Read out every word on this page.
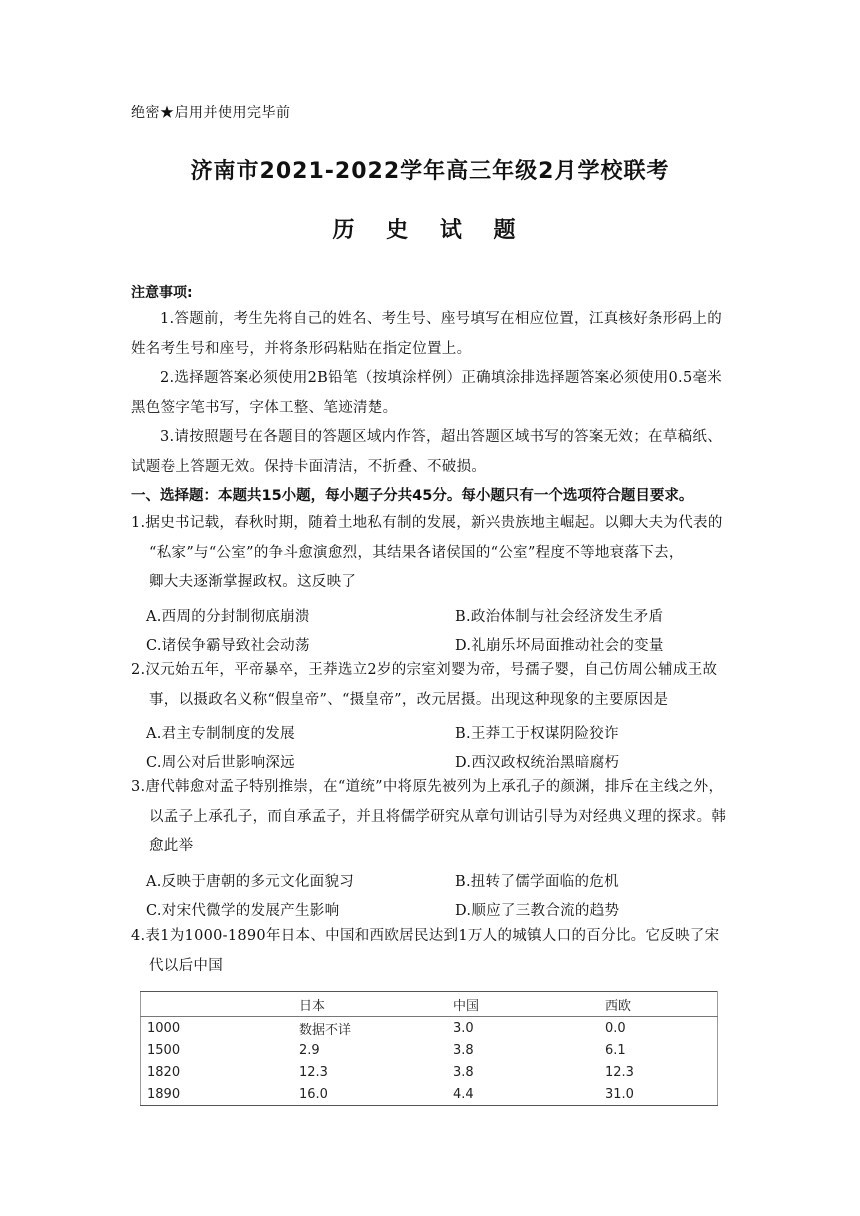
绝密★启用并使用完毕前
济南市2021-2022学年高三年级2月学校联考
历 史 试 题
注意事项:
1.答题前，考生先将自己的姓名、考生号、座号填写在相应位置，江真核好条形码上的姓名考生号和座号，并将条形码粘贴在指定位置上。
2.选择题答案必须使用2B铅笔（按填涂样例）正确填涂排选择题答案必须使用0.5毫米黑色签字笔书写，字体工整、笔迹清楚。
3.请按照题号在各题目的答题区域内作答，超出答题区域书写的答案无效；在草稿纸、试题卷上答题无效。保持卡面清洁，不折叠、不破损。
一、选择题：本题共15小题，每小题子分共45分。每小题只有一个选项符合题目要求。
1.据史书记载，春秋时期，随着土地私有制的发展，新兴贵族地主崛起。以卿大夫为代表的
“私家”与“公室”的争斗愈演愈烈，其结果各诸侯国的“公室”程度不等地衰落下去，
卿大夫逐渐掌握政权。这反映了
A.西周的分封制彻底崩溃	B.政治体制与社会经济发生矛盾
C.诸侯争霸导致社会动荡	D.礼崩乐坏局面推动社会的变量
2.汉元始五年，平帝暴卒，王莽选立2岁的宗室刘婴为帝，号孺子婴，自己仿周公辅成王故
事，以摄政名义称“假皇帝”、“摄皇帝”，改元居摄。出现这种现象的主要原因是
A.君主专制制度的发展	B.王莽工于权谋阴险狡诈
C.周公对后世影响深远	D.西汉政权统治黑暗腐朽
3.唐代韩愈对孟子特别推崇，在“道统”中将原先被列为上承孔子的颜渊，排斥在主线之外，
以孟子上承孔子，而自承孟子，并且将儒学研究从章句训诂引导为对经典义理的探求。韩
愈此举
A.反映于唐朝的多元文化面貌习	B.扭转了儒学面临的危机
C.对宋代微学的发展产生影响	D.顺应了三教合流的趋势
4.表1为1000-1890年日本、中国和西欧居民达到1万人的城镇人口的百分比。它反映了宋
代以后中国
	日本	中国	西欧
1000	数据不详	3.0	0.0
1500	2.9	3.8	6.1
1820	12.3	3.8	12.3
1890	16.0	4.4	31.0
